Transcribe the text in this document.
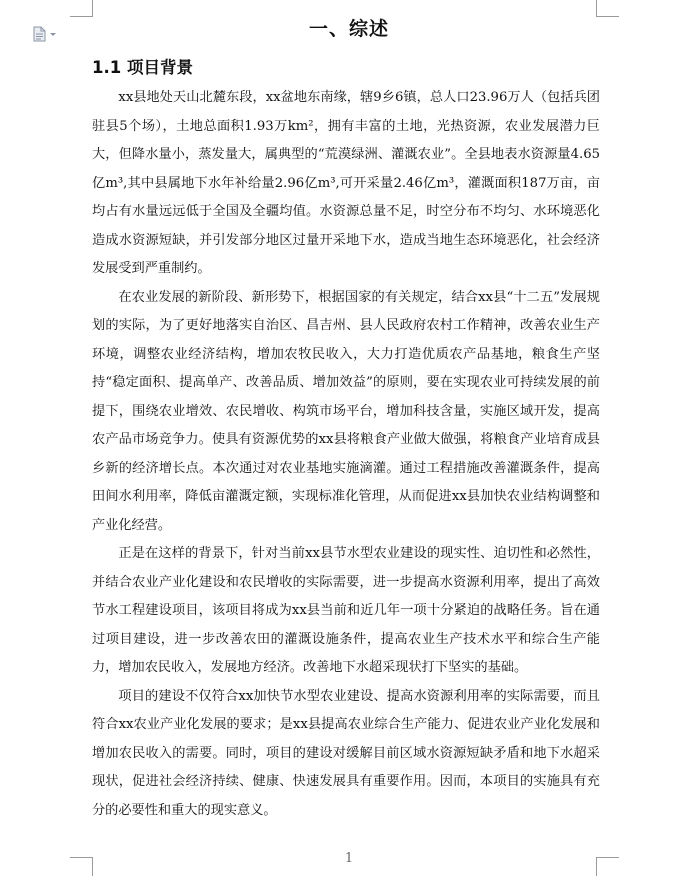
一、综述
1.1 项目背景

xx县地处天山北麓东段，xx盆地东南缘，辖9乡6镇，总人口23.96万人（包括兵团驻县5个场），土地总面积1.93万km²，拥有丰富的土地，光热资源，农业发展潜力巨大，但降水量小，蒸发量大，属典型的“荒漠绿洲、灌溉农业”。全县地表水资源量4.65亿m³,其中县属地下水年补给量2.96亿m³,可开采量2.46亿m³，灌溉面积187万亩，亩均占有水量远远低于全国及全疆均值。水资源总量不足，时空分布不均匀、水环境恶化造成水资源短缺，并引发部分地区过量开采地下水，造成当地生态环境恶化，社会经济发展受到严重制约。

在农业发展的新阶段、新形势下，根据国家的有关规定，结合xx县“十二五”发展规划的实际，为了更好地落实自治区、昌吉州、县人民政府农村工作精神，改善农业生产环境，调整农业经济结构，增加农牧民收入，大力打造优质农产品基地，粮食生产坚持“稳定面积、提高单产、改善品质、增加效益”的原则，要在实现农业可持续发展的前提下，围绕农业增效、农民增收、构筑市场平台，增加科技含量，实施区域开发，提高农产品市场竞争力。使具有资源优势的xx县将粮食产业做大做强，将粮食产业培育成县乡新的经济增长点。本次通过对农业基地实施滴灌。通过工程措施改善灌溉条件，提高田间水利用率，降低亩灌溉定额，实现标准化管理，从而促进xx县加快农业结构调整和产业化经营。

正是在这样的背景下，针对当前xx县节水型农业建设的现实性、迫切性和必然性，并结合农业产业化建设和农民增收的实际需要，进一步提高水资源利用率，提出了高效节水工程建设项目，该项目将成为xx县当前和近几年一项十分紧迫的战略任务。旨在通过项目建设，进一步改善农田的灌溉设施条件，提高农业生产技术水平和综合生产能力，增加农民收入，发展地方经济。改善地下水超采现状打下坚实的基础。

项目的建设不仅符合xx加快节水型农业建设、提高水资源利用率的实际需要，而且符合xx农业产业化发展的要求；是xx县提高农业综合生产能力、促进农业产业化发展和增加农民收入的需要。同时，项目的建设对缓解目前区域水资源短缺矛盾和地下水超采现状，促进社会经济持续、健康、快速发展具有重要作用。因而，本项目的实施具有充分的必要性和重大的现实意义。

1
